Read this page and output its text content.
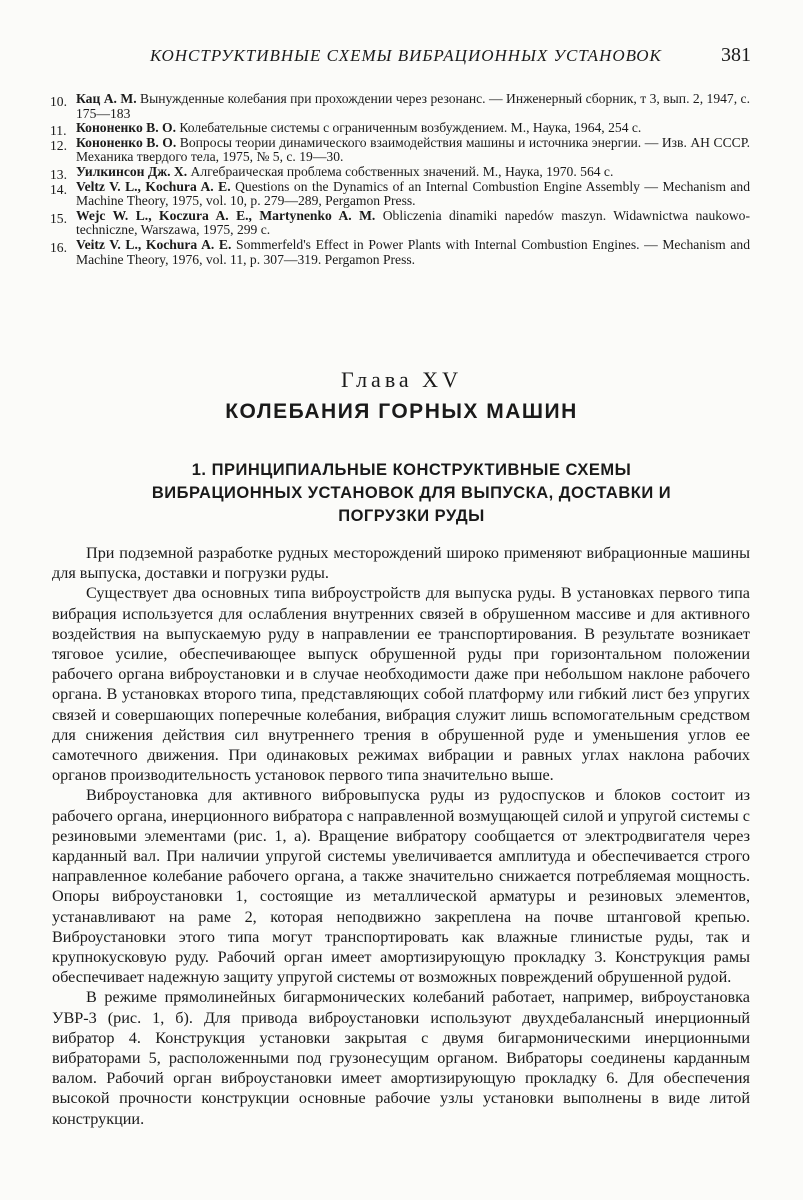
КОНСТРУКТИВНЫЕ СХЕМЫ ВИБРАЦИОННЫХ УСТАНОВОК	381
10. Кац А. М. Вынужденные колебания при прохождении через резонанс. — Инженерный сборник, т 3, вып. 2, 1947, с. 175—183
11. Кононенко В. О. Колебательные системы с ограниченным возбуждением. М., Наука, 1964, 254 с.
12. Кононенко В. О. Вопросы теории динамического взаимодействия машины и источника энергии. — Изв. АН СССР. Механика твердого тела, 1975, № 5, с. 19—30.
13. Уилкинсон Дж. Х. Алгебраическая проблема собственных значений. М., Наука, 1970. 564 с.
14. Veltz V. L., Kochura A. E. Questions on the Dynamics of an Internal Combustion Engine Assembly — Mechanism and Machine Theory, 1975, vol. 10, p. 279—289, Pergamon Press.
15. Wejc W. L., Koczura A. E., Martynenko A. M. Obliczenia dinamiki napedów maszyn. Widawnictwa naukowo-techniczne, Warszawa, 1975, 299 c.
16. Veitz V. L., Kochura A. E. Sommerfeld's Effect in Power Plants with Internal Combustion Engines. — Mechanism and Machine Theory, 1976, vol. 11, p. 307—319. Pergamon Press.
Глава XV
КОЛЕБАНИЯ ГОРНЫХ МАШИН
1. ПРИНЦИПИАЛЬНЫЕ КОНСТРУКТИВНЫЕ СХЕМЫ ВИБРАЦИОННЫХ УСТАНОВОК ДЛЯ ВЫПУСКА, ДОСТАВКИ И ПОГРУЗКИ РУДЫ

При подземной разработке рудных месторождений широко применяют вибрационные машины для выпуска, доставки и погрузки руды.

Существует два основных типа виброустройств для выпуска руды. В установках первого типа вибрация используется для ослабления внутренних связей в обрушенном массиве и для активного воздействия на выпускаемую руду в направлении ее транспортирования. В результате возникает тяговое усилие, обеспечивающее выпуск обрушенной руды при горизонтальном положении рабочего органа виброустановки и в случае необходимости даже при небольшом наклоне рабочего органа. В установках второго типа, представляющих собой платформу или гибкий лист без упругих связей и совершающих поперечные колебания, вибрация служит лишь вспомогательным средством для снижения действия сил внутреннего трения в обрушенной руде и уменьшения углов ее самотечного движения. При одинаковых режимах вибрации и равных углах наклона рабочих органов производительность установок первого типа значительно выше.

Виброустановка для активного вибровыпуска руды из рудоспусков и блоков состоит из рабочего органа, инерционного вибратора с направленной возмущающей силой и упругой системы с резиновыми элементами (рис. 1, а). Вращение вибратору сообщается от электродвигателя через карданный вал. При наличии упругой системы увеличивается амплитуда и обеспечивается строго направленное колебание рабочего органа, а также значительно снижается потребляемая мощность. Опоры виброустановки 1, состоящие из металлической арматуры и резиновых элементов, устанавливают на раме 2, которая неподвижно закреплена на почве штанговой крепью. Виброустановки этого типа могут транспортировать как влажные глинистые руды, так и крупнокусковую руду. Рабочий орган имеет амортизирующую прокладку 3. Конструкция рамы обеспечивает надежную защиту упругой системы от возможных повреждений обрушенной рудой.

В режиме прямолинейных бигармонических колебаний работает, например, виброустановка УВР-3 (рис. 1, б). Для привода виброустановки используют двухдебалансный инерционный вибратор 4. Конструкция установки закрытая с двумя бигармоническими инерционными вибраторами 5, расположенными под грузонесущим органом. Вибраторы соединены карданным валом. Рабочий орган виброустановки имеет амортизирующую прокладку 6. Для обеспечения высокой прочности конструкции основные рабочие узлы установки выполнены в виде литой конструкции.
